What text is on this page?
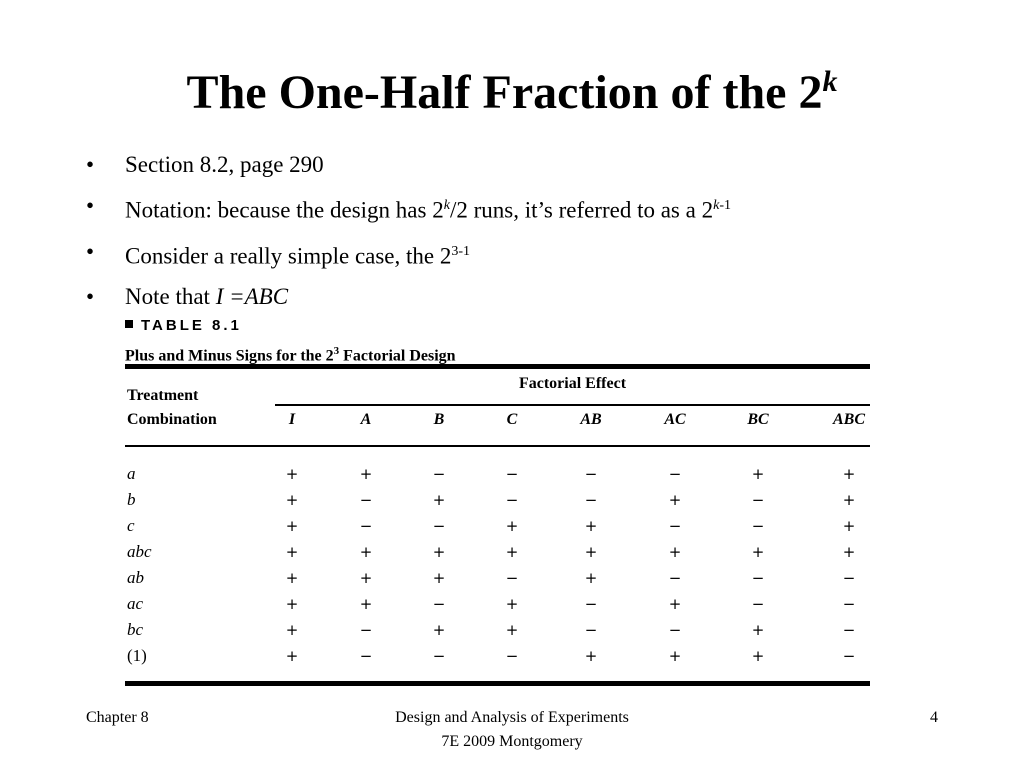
The One-Half Fraction of the 2$^k$
• Section 8.2, page 290
• Notation: because the design has 2$^k$/2 runs, it’s referred to as a 2$^{k-1}$
• Consider a really simple case, the 2$^{3-1}$
• Note that I =ABC
TABLE 8.1
Plus and Minus Signs for the $2^3$ Factorial Design
Treatment
Combination
Factorial Effect
I	A	B	C	AB	AC	BC	ABC
a	+	+	−	−	−	−	+	+
b	+	−	+	−	−	+	−	+
c	+	−	−	+	+	−	−	+
abc	+	+	+	+	+	+	+	+
ab	+	+	+	−	+	−	−	−
ac	+	+	−	+	−	+	−	−
bc	+	−	+	+	−	−	+	−
(1)	+	−	−	−	+	+	+	−
Chapter 8	Design and Analysis of Experiments
7E 2009 Montgomery
4
